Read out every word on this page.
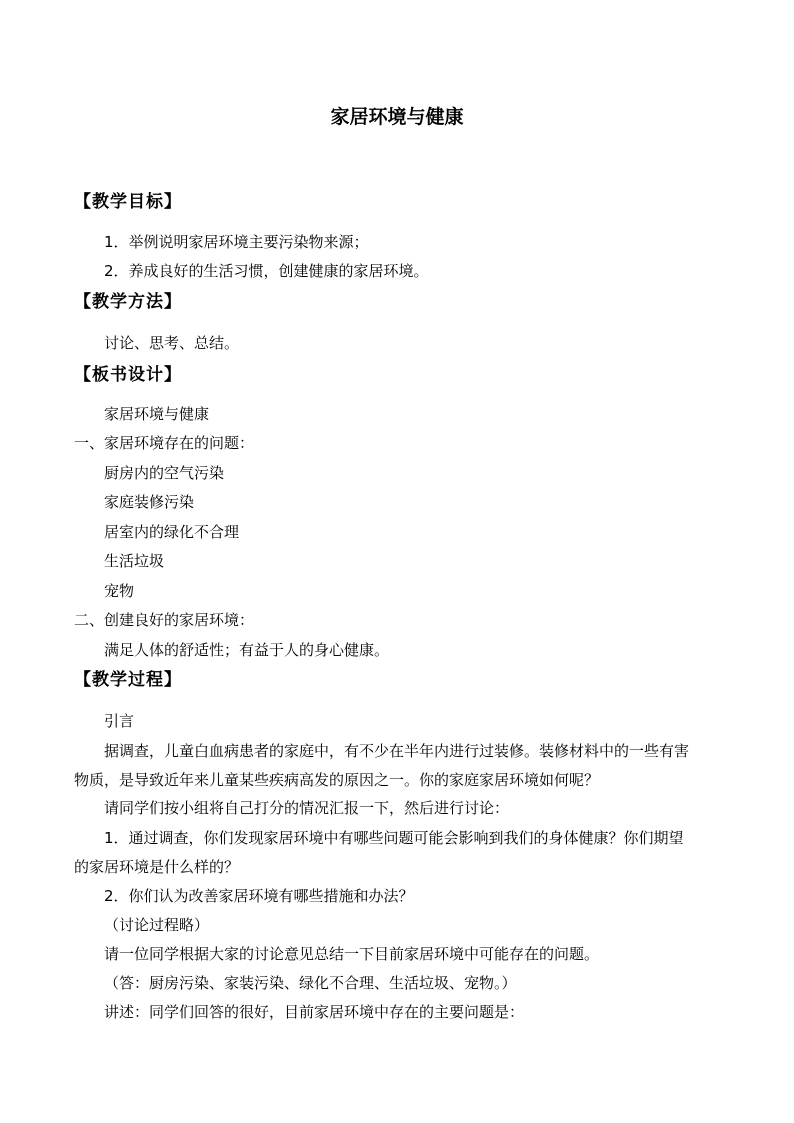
家居环境与健康
【教学目标】
1．举例说明家居环境主要污染物来源；
2．养成良好的生活习惯，创建健康的家居环境。
【教学方法】
讨论、思考、总结。
【板书设计】
家居环境与健康
一、家居环境存在的问题：
厨房内的空气污染
家庭装修污染
居室内的绿化不合理
生活垃圾
宠物
二、创建良好的家居环境：
满足人体的舒适性；有益于人的身心健康。
【教学过程】
引言
据调查，儿童白血病患者的家庭中，有不少在半年内进行过装修。装修材料中的一些有害
物质，是导致近年来儿童某些疾病高发的原因之一。你的家庭家居环境如何呢？
请同学们按小组将自己打分的情况汇报一下，然后进行讨论：
1．通过调查，你们发现家居环境中有哪些问题可能会影响到我们的身体健康？你们期望
的家居环境是什么样的？
2．你们认为改善家居环境有哪些措施和办法？
（讨论过程略）
请一位同学根据大家的讨论意见总结一下目前家居环境中可能存在的问题。
（答：厨房污染、家装污染、绿化不合理、生活垃圾、宠物。）
讲述：同学们回答的很好，目前家居环境中存在的主要问题是：
